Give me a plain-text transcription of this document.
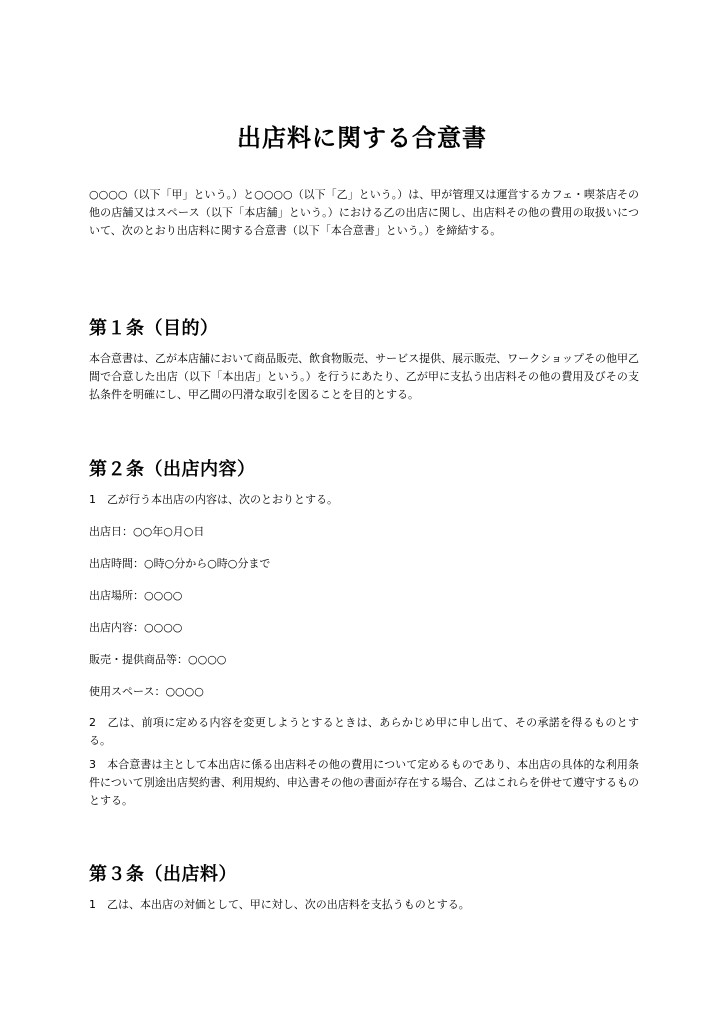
出店料に関する合意書

○○○○（以下「甲」という。）と○○○○（以下「乙」という。）は、甲が管理又は運営するカフェ・喫茶店その他の店舗又はスペース（以下「本店舗」という。）における乙の出店に関し、出店料その他の費用の取扱いについて、次のとおり出店料に関する合意書（以下「本合意書」という。）を締結する。

第１条（目的）

本合意書は、乙が本店舗において商品販売、飲食物販売、サービス提供、展示販売、ワークショップその他甲乙間で合意した出店（以下「本出店」という。）を行うにあたり、乙が甲に支払う出店料その他の費用及びその支払条件を明確にし、甲乙間の円滑な取引を図ることを目的とする。

第２条（出店内容）

1　乙が行う本出店の内容は、次のとおりとする。

出店日：○○年○月○日

出店時間：○時○分から○時○分まで

出店場所：○○○○

出店内容：○○○○

販売・提供商品等：○○○○

使用スペース：○○○○

2　乙は、前項に定める内容を変更しようとするときは、あらかじめ甲に申し出て、その承諾を得るものとする。

3　本合意書は主として本出店に係る出店料その他の費用について定めるものであり、本出店の具体的な利用条件について別途出店契約書、利用規約、申込書その他の書面が存在する場合、乙はこれらを併せて遵守するものとする。

第３条（出店料）

1　乙は、本出店の対価として、甲に対し、次の出店料を支払うものとする。
